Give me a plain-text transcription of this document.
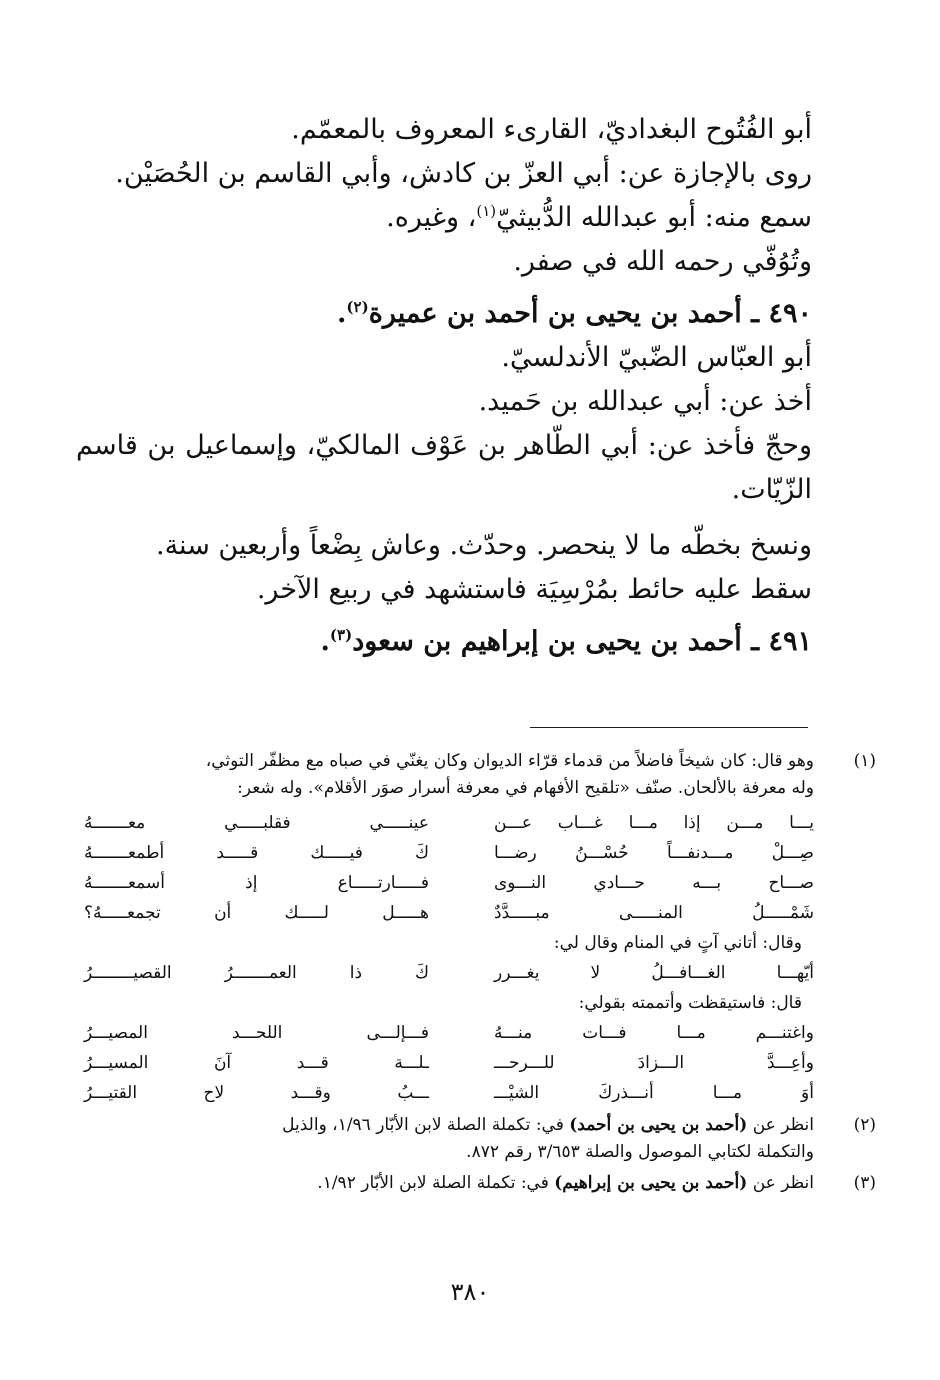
أبو الفُتُوح البغداديّ، القارىء المعروف بالمعمّم.

روى بالإجازة عن: أبي العزّ بن كادش، وأبي القاسم بن الحُصَيْن.

سمع منه: أبو عبدالله الدُّبيثيّ$^{(١)}$، وغيره.

وتُوُفّي رحمه الله في صفر.

٤٩٠ ـ أحمد بن يحيى بن أحمد بن عميرة$^{(٢)}$.

أبو العبّاس الضّبيّ الأندلسيّ.

أخذ عن: أبي عبدالله بن حَميد.

وحجّ فأخذ عن: أبي الطّاهر بن عَوْف المالكيّ، وإسماعيل بن قاسم الزّيّات.

ونسخ بخطّه ما لا ينحصر. وحدّث. وعاش بِضْعاً وأربعين سنة.

سقط عليه حائط بمُرْسِيَة فاستشهد في ربيع الآخر.

٤٩١ ـ أحمد بن يحيى بن إبراهيم بن سعود$^{(٣)}$.

(١)

وهو قال: كان شيخاً فاضلاً من قدماء قرّاء الديوان وكان يغنّي في صباه مع مظفّر التوثي،

وله معرفة بالألحان. صنّف «تلقيح الأفهام في معرفة أسرار صوَر الأقلام». وله شعر:

يـــا مـــن إذا مـــا غـــاب عـــن
عينـــــي فقلبـــــي معـــــــهُ
صِـــلْ مـــدنفـــاً حُسْـــنُ رضـــا
كَ فيـــــك قـــــد أطمعـــــــهُ
صـــاح بـــه حـــادي النـــوى
فـــــارتـــــاع إذ أسمعـــــــهُ
شَمْـــــلُ المنـــــى مبـــــدَّدٌ
هـــــل لـــــك أن تجمعـــــهُ؟
وقال: أتاني آتٍ في المنام وقال لي:
أيّهـــا الغـــافـــلُ لا يغـــرر
كَ ذا العمـــــــرُ القصيــــــــرُ
قال: فاستيقظت وأتممته بقولي:
واغتنـــم مـــا فـــات منـــهُ
فـــإلـــى اللحـــد المصيـــرُ
وأعِـــدَّ الـــزادَ للـــرحـــ
ـلـــة قـــد آنَ المسيـــرُ
أوَ مـــا أنـــذركَ الشيْـــ
ـــبُ وقـــد لاح القتيـــرُ
(٢)

انظر عن (أحمد بن يحيى بن أحمد) في: تكملة الصلة لابن الأبّار ١/٩٦، والذيل

والتكملة لكتابي الموصول والصلة ٣/٦٥٣ رقم ٨٧٢.

(٣)

انظر عن (أحمد بن يحيى بن إبراهيم) في: تكملة الصلة لابن الأبّار ١/٩٢.

٣٨٠
